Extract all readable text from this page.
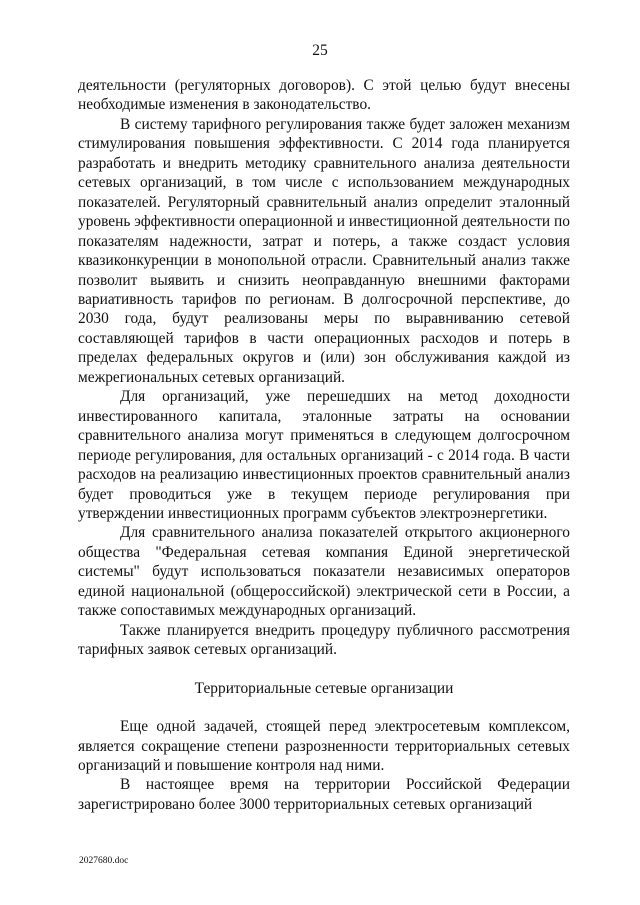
25

деятельности (регуляторных договоров). С этой целью будут внесены необходимые изменения в законодательство.

В систему тарифного регулирования также будет заложен механизм стимулирования повышения эффективности. С 2014 года планируется разработать и внедрить методику сравнительного анализа деятельности сетевых организаций, в том числе с использованием международных показателей. Регуляторный сравнительный анализ определит эталонный уровень эффективности операционной и инвестиционной деятельности по показателям надежности, затрат и потерь, а также создаст условия квазиконкуренции в монопольной отрасли. Сравнительный анализ также позволит выявить и снизить неоправданную внешними факторами вариативность тарифов по регионам. В долгосрочной перспективе, до 2030 года, будут реализованы меры по выравниванию сетевой составляющей тарифов в части операционных расходов и потерь в пределах федеральных округов и (или) зон обслуживания каждой из межрегиональных сетевых организаций.

Для организаций, уже перешедших на метод доходности инвестированного капитала, эталонные затраты на основании сравнительного анализа могут применяться в следующем долгосрочном периоде регулирования, для остальных организаций - с 2014 года. В части расходов на реализацию инвестиционных проектов сравнительный анализ будет проводиться уже в текущем периоде регулирования при утверждении инвестиционных программ субъектов электроэнергетики.

Для сравнительного анализа показателей открытого акционерного общества "Федеральная сетевая компания Единой энергетической системы" будут использоваться показатели независимых операторов единой национальной (общероссийской) электрической сети в России, а также сопоставимых международных организаций.

Также планируется внедрить процедуру публичного рассмотрения тарифных заявок сетевых организаций.

Территориальные сетевые организации

Еще одной задачей, стоящей перед электросетевым комплексом, является сокращение степени разрозненности территориальных сетевых организаций и повышение контроля над ними.

В настоящее время на территории Российской Федерации зарегистрировано более 3000 территориальных сетевых организаций

2027680.doc
